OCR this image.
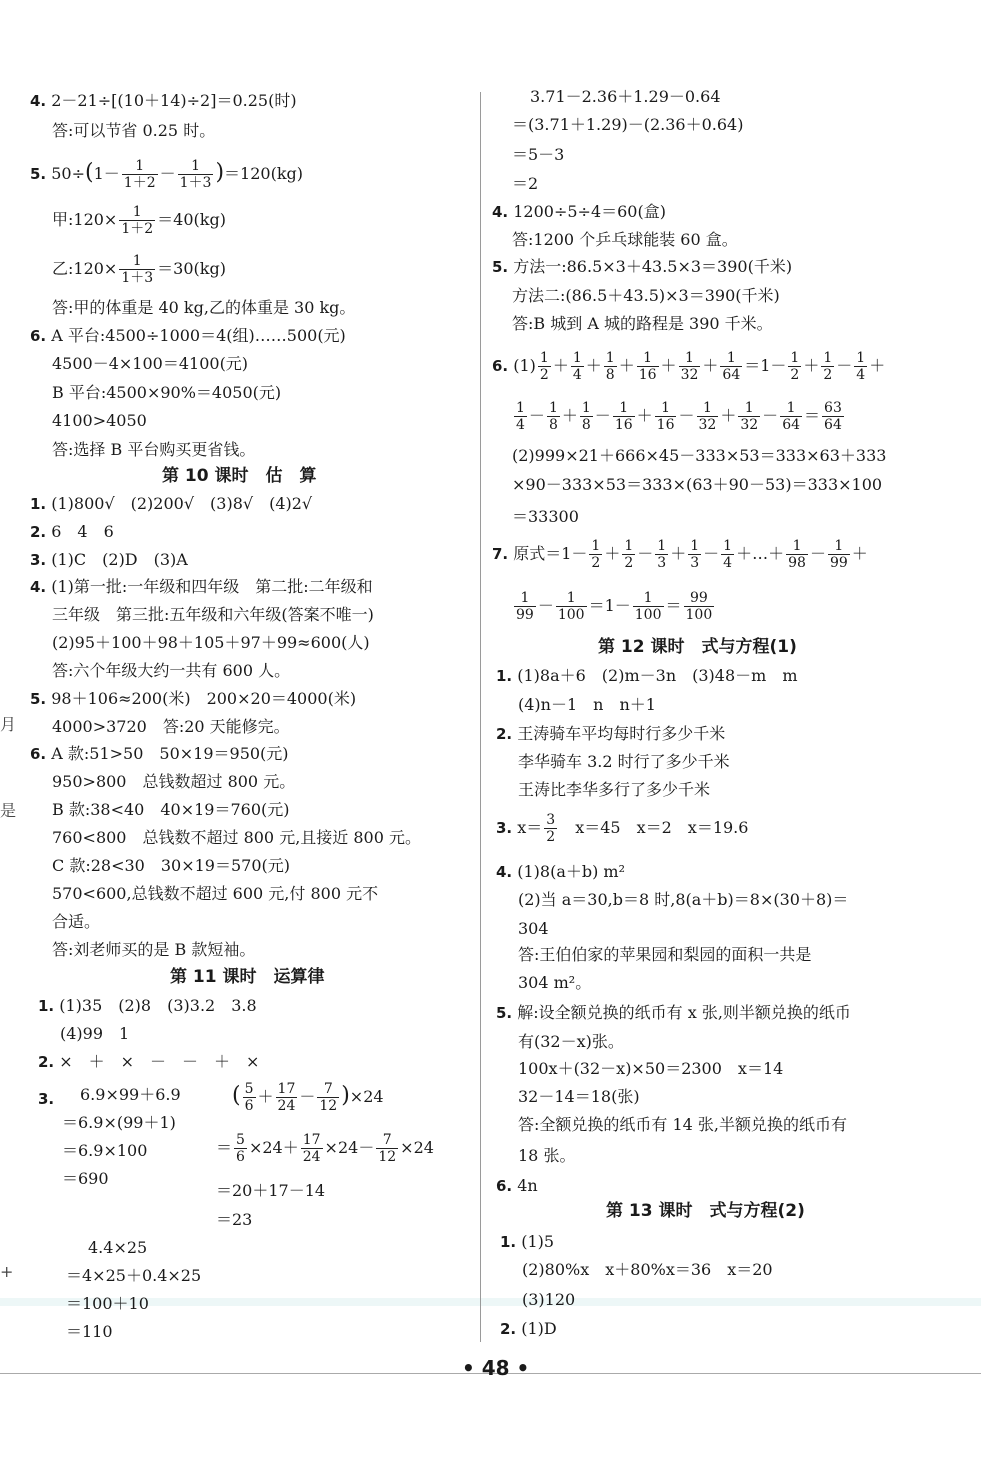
月
是
+
4. 2－21÷[(10＋14)÷2]＝0.25(时)
答:可以节省 0.25 时。
5. $50\div(1- \frac{1}{1+2} - \frac{1}{1+3} )=120(kg)$
甲:120× $\frac{1}{1+2} =40(kg)$
乙:120× $\frac{1}{1+3} =30(kg)$
答:甲的体重是 40 kg,乙的体重是 30 kg。
6. A 平台:4500÷1000＝4(组)……500(元)
4500－4×100＝4100(元)
B 平台:4500×90%＝4050(元)
4100>4050
答:选择 B 平台购买更省钱。
第 10 课时　估　算
1. (1)800√　(2)200√　(3)8√　(4)2√
2. 6　4　6
3. (1)C　(2)D　(3)A
4. (1)第一批:一年级和四年级　第二批:二年级和
三年级　第三批:五年级和六年级(答案不唯一)
(2)95＋100＋98＋105＋97＋99≈600(人)
答:六个年级大约一共有 600 人。
5. 98＋106≈200(米)　200×20＝4000(米)
4000>3720　答:20 天能修完。
6. A 款:51>50　50×19＝950(元)
950>800　总钱数超过 800 元。
B 款:38<40　40×19＝760(元)
760<800　总钱数不超过 800 元,且接近 800 元。
C 款:28<30　30×19＝570(元)
570<600,总钱数不超过 600 元,付 800 元不
合适。
答:刘老师买的是 B 款短袖。
第 11 课时　运算律
1. (1)35　(2)8　(3)3.2　3.8
(4)99　1
2. ×　＋　×　－　－　＋　×
3. 6.9×99＋6.9
＝6.9×(99＋1)
＝6.9×100
＝690
( $\frac{5}{6} + \frac{17}{24} - \frac{7}{12} )\times 24$
＝ $\frac{5}{6} \times 24+ \frac{17}{24} \times 24- \frac{7}{12} \times 24$
＝20＋17－14
＝23
4.4×25
＝4×25＋0.4×25
＝100＋10
＝110
3.71－2.36＋1.29－0.64
＝(3.71＋1.29)－(2.36＋0.64)
＝5－3
＝2
4. 1200÷5÷4＝60(盒)
答:1200 个乒乓球能装 60 盒。
5. 方法一:86.5×3＋43.5×3＝390(千米)
方法二:(86.5＋43.5)×3＝390(千米)
答:B 城到 A 城的路程是 390 千米。
6. $(1) \frac{1}{2} + \frac{1}{4} + \frac{1}{8} + \frac{1}{16} + \frac{1}{32} + \frac{1}{64} =1- \frac{1}{2} + \frac{1}{2} - \frac{1}{4}$ ＋
$\frac{1}{4} - \frac{1}{8} + \frac{1}{8} - \frac{1}{16} + \frac{1}{16} - \frac{1}{32} + \frac{1}{32} - \frac{1}{64} = \frac{63}{64}$
(2)999×21＋666×45－333×53＝333×63＋333
×90－333×53＝333×(63＋90－53)＝333×100
＝33300
7. 原式$=1- \frac{1}{2} + \frac{1}{2} - \frac{1}{3} + \frac{1}{3} - \frac{1}{4}$ ＋…＋ $\frac{1}{98} - \frac{1}{99}$ ＋
$\frac{1}{99} - \frac{1}{100} =1- \frac{1}{100} = \frac{99}{100}$
第 12 课时　式与方程(1)
1. (1)8a＋6　(2)m－3n　(3)48－m　m
(4)n－1　n　n＋1
2. 王涛骑车平均每时行多少千米
李华骑车 3.2 时行了多少千米
王涛比李华多行了多少千米
3. $x= \frac{3}{2}$
　 x＝45　x＝2　x＝19.6
4. (1)8(a＋b) m²
(2)当 a＝30,b＝8 时,8(a＋b)＝8×(30＋8)＝
304
答:王伯伯家的苹果园和梨园的面积一共是
304 m²。
5. 解:设全额兑换的纸币有 x 张,则半额兑换的纸币
有(32－x)张。
100x＋(32－x)×50＝2300　x＝14
32－14＝18(张)
答:全额兑换的纸币有 14 张,半额兑换的纸币有
18 张。
6. 4n
第 13 课时　式与方程(2)
1. (1)5
(2)80%x　x＋80%x＝36　x＝20
(3)120
2. (1)D
• 48 •
